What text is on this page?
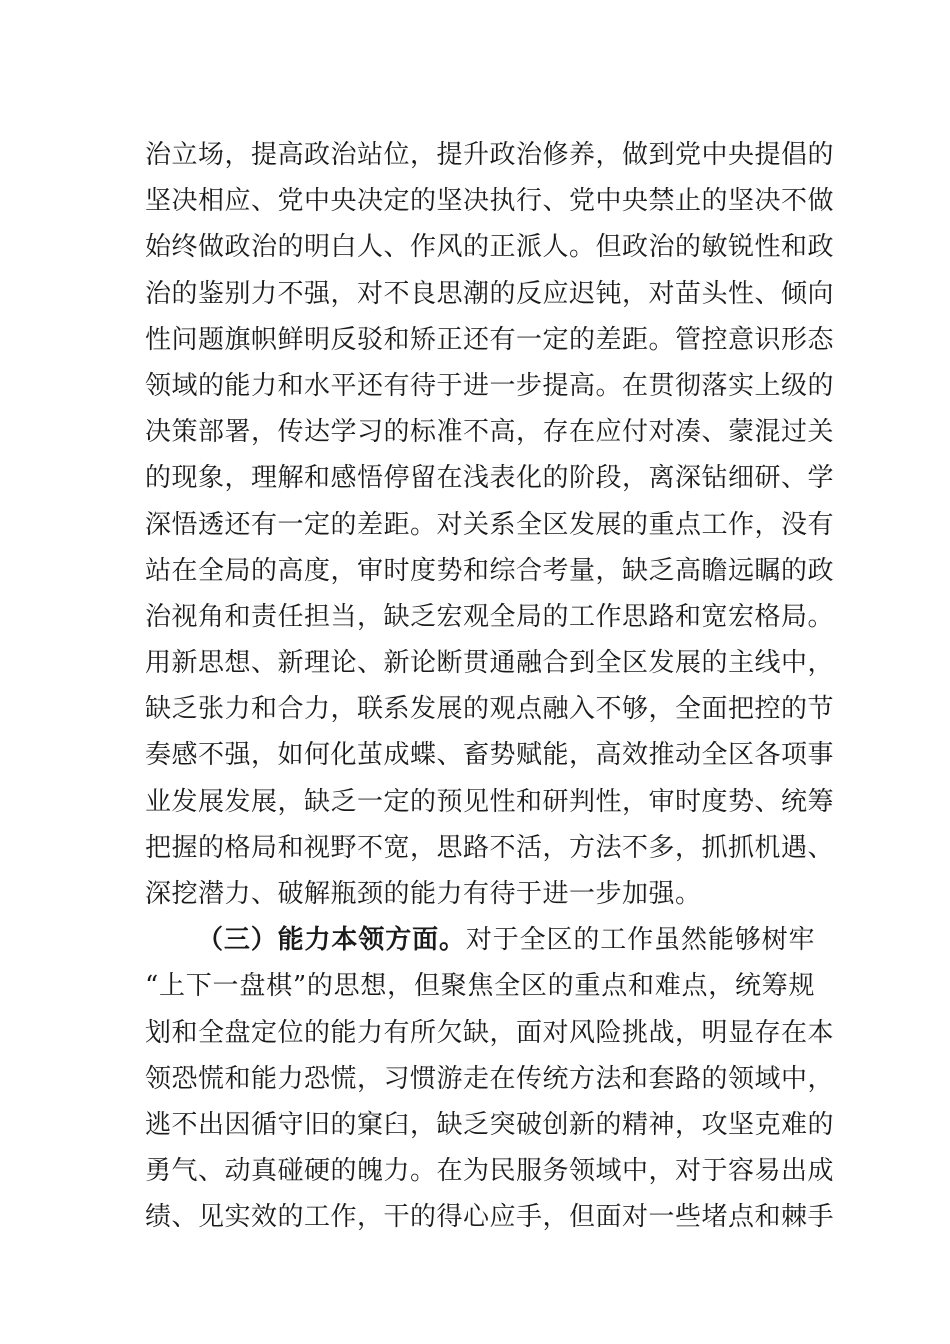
治立场，提高政治站位，提升政治修养，做到党中央提倡的
坚决相应、党中央决定的坚决执行、党中央禁止的坚决不做
始终做政治的明白人、作风的正派人。但政治的敏锐性和政
治的鉴别力不强，对不良思潮的反应迟钝，对苗头性、倾向
性问题旗帜鲜明反驳和矫正还有一定的差距。管控意识形态
领域的能力和水平还有待于进一步提高。在贯彻落实上级的
决策部署，传达学习的标准不高，存在应付对凑、蒙混过关
的现象，理解和感悟停留在浅表化的阶段，离深钻细研、学
深悟透还有一定的差距。对关系全区发展的重点工作，没有
站在全局的高度，审时度势和综合考量，缺乏高瞻远瞩的政
治视角和责任担当，缺乏宏观全局的工作思路和宽宏格局。
用新思想、新理论、新论断贯通融合到全区发展的主线中，
缺乏张力和合力，联系发展的观点融入不够，全面把控的节
奏感不强，如何化茧成蝶、畜势赋能，高效推动全区各项事
业发展发展，缺乏一定的预见性和研判性，审时度势、统筹
把握的格局和视野不宽，思路不活，方法不多，抓抓机遇、
深挖潜力、破解瓶颈的能力有待于进一步加强。
（三）能力本领方面。对于全区的工作虽然能够树牢
“上下一盘棋”的思想，但聚焦全区的重点和难点，统筹规
划和全盘定位的能力有所欠缺，面对风险挑战，明显存在本
领恐慌和能力恐慌，习惯游走在传统方法和套路的领域中，
逃不出因循守旧的窠臼，缺乏突破创新的精神，攻坚克难的
勇气、动真碰硬的魄力。在为民服务领域中，对于容易出成
绩、见实效的工作，干的得心应手，但面对一些堵点和棘手
